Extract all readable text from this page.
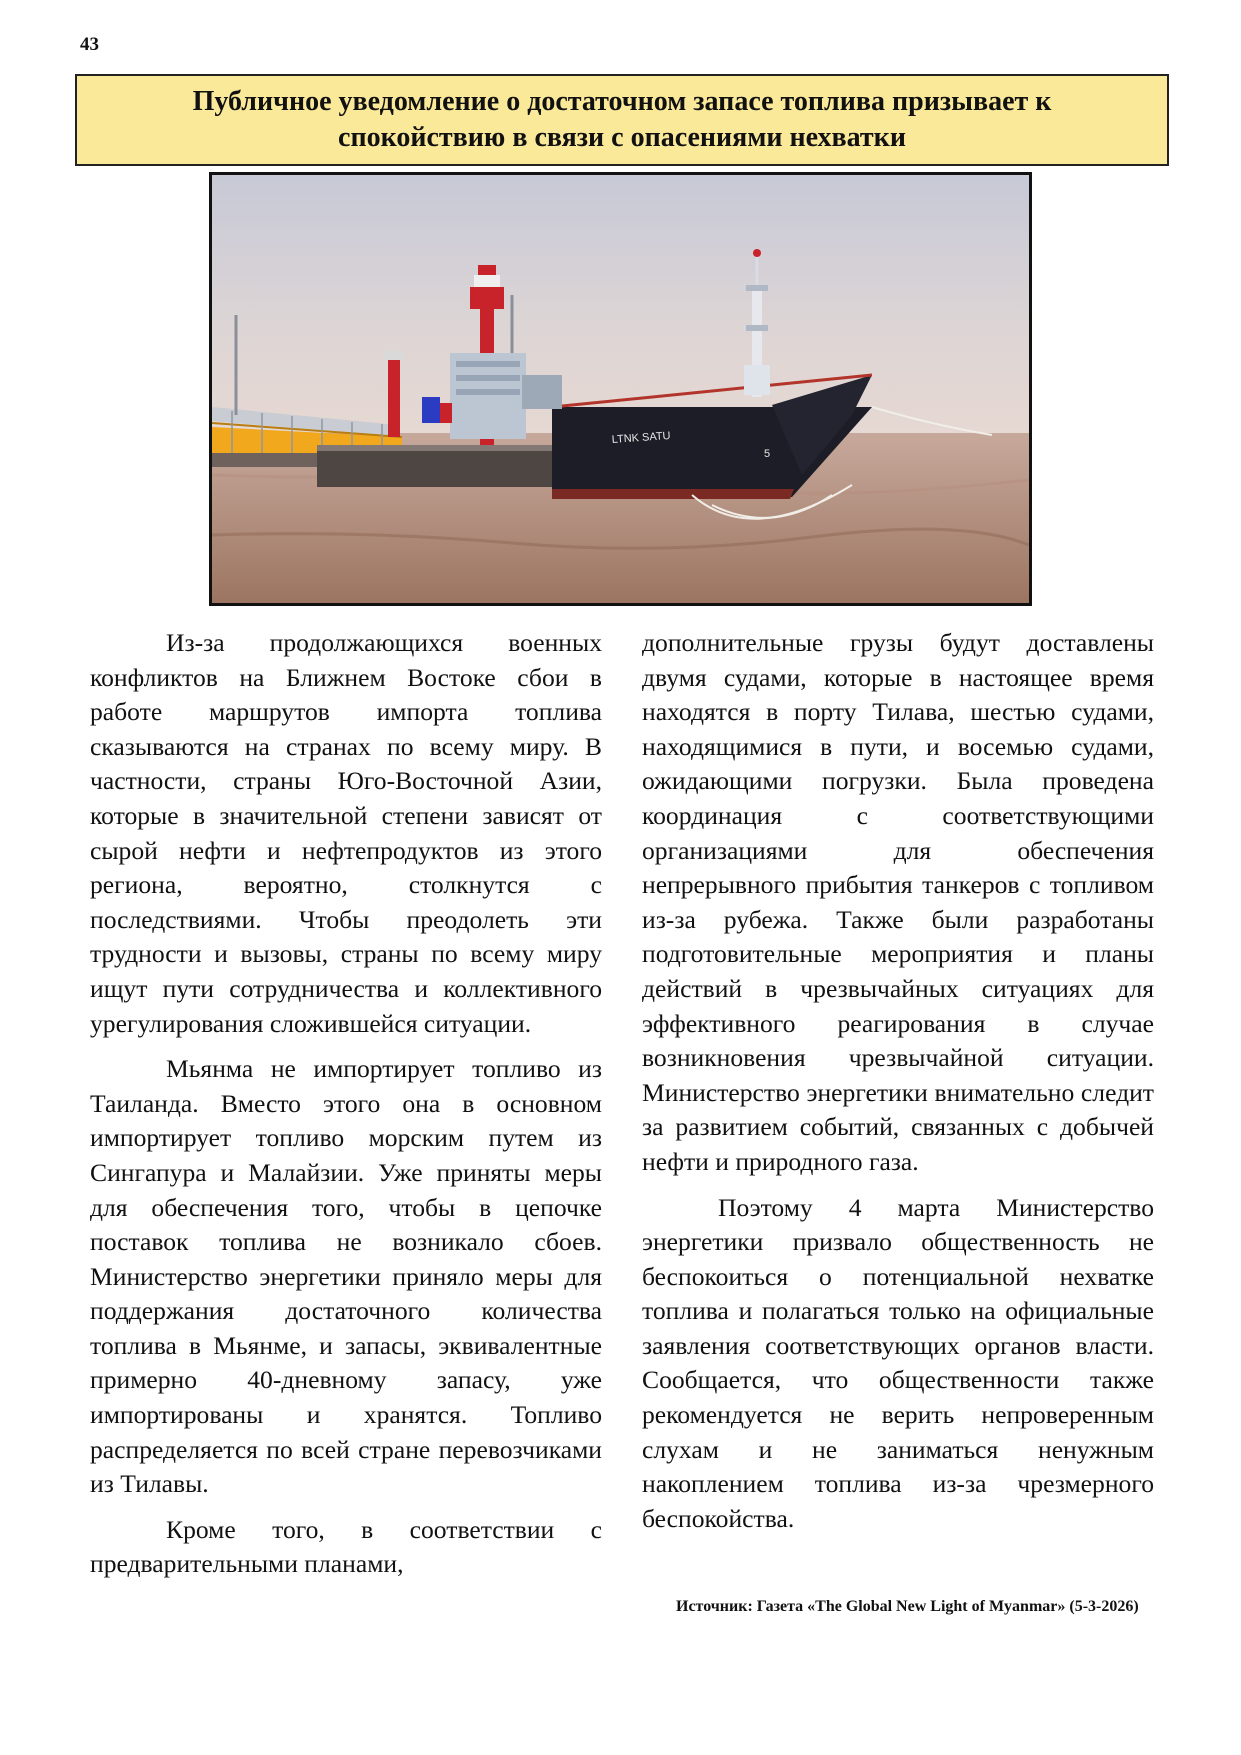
43
Публичное уведомление о достаточном запасе топлива призывает к спокойствию в связи с опасениями нехватки
LTNK SATU
5

Из-за продолжающихся военных конфликтов на Ближнем Востоке сбои в работе маршрутов импорта топлива сказываются на странах по всему миру. В частности, страны Юго-Восточной Азии, которые в значительной степени зависят от сырой нефти и нефтепродуктов из этого региона, вероятно, столкнутся с последствиями. Чтобы преодолеть эти трудности и вызовы, страны по всему миру ищут пути сотрудничества и коллективного урегулирования сложившейся ситуации.

Мьянма не импортирует топливо из Таиланда. Вместо этого она в основном импортирует топливо морским путем из Сингапура и Малайзии. Уже приняты меры для обеспечения того, чтобы в цепочке поставок топлива не возникало сбоев. Министерство энергетики приняло меры для поддержания достаточного количества топлива в Мьянме, и запасы, эквивалентные примерно 40-дневному запасу, уже импортированы и хранятся. Топливо распределяется по всей стране перевозчиками из Тилавы.

Кроме того, в соответствии с предварительными планами,

дополнительные грузы будут доставлены двумя судами, которые в настоящее время находятся в порту Тилава, шестью судами, находящимися в пути, и восемью судами, ожидающими погрузки. Была проведена координация с соответствующими организациями для обеспечения непрерывного прибытия танкеров с топливом из-за рубежа. Также были разработаны подготовительные мероприятия и планы действий в чрезвычайных ситуациях для эффективного реагирования в случае возникновения чрезвычайной ситуации. Министерство энергетики внимательно следит за развитием событий, связанных с добычей нефти и природного газа.

Поэтому 4 марта Министерство энергетики призвало общественность не беспокоиться о потенциальной нехватке топлива и полагаться только на официальные заявления соответствующих органов власти. Сообщается, что общественности также рекомендуется не верить непроверенным слухам и не заниматься ненужным накоплением топлива из-за чрезмерного беспокойства.

Источник: Газета «The Global New Light of Myanmar» (5-3-2026)
